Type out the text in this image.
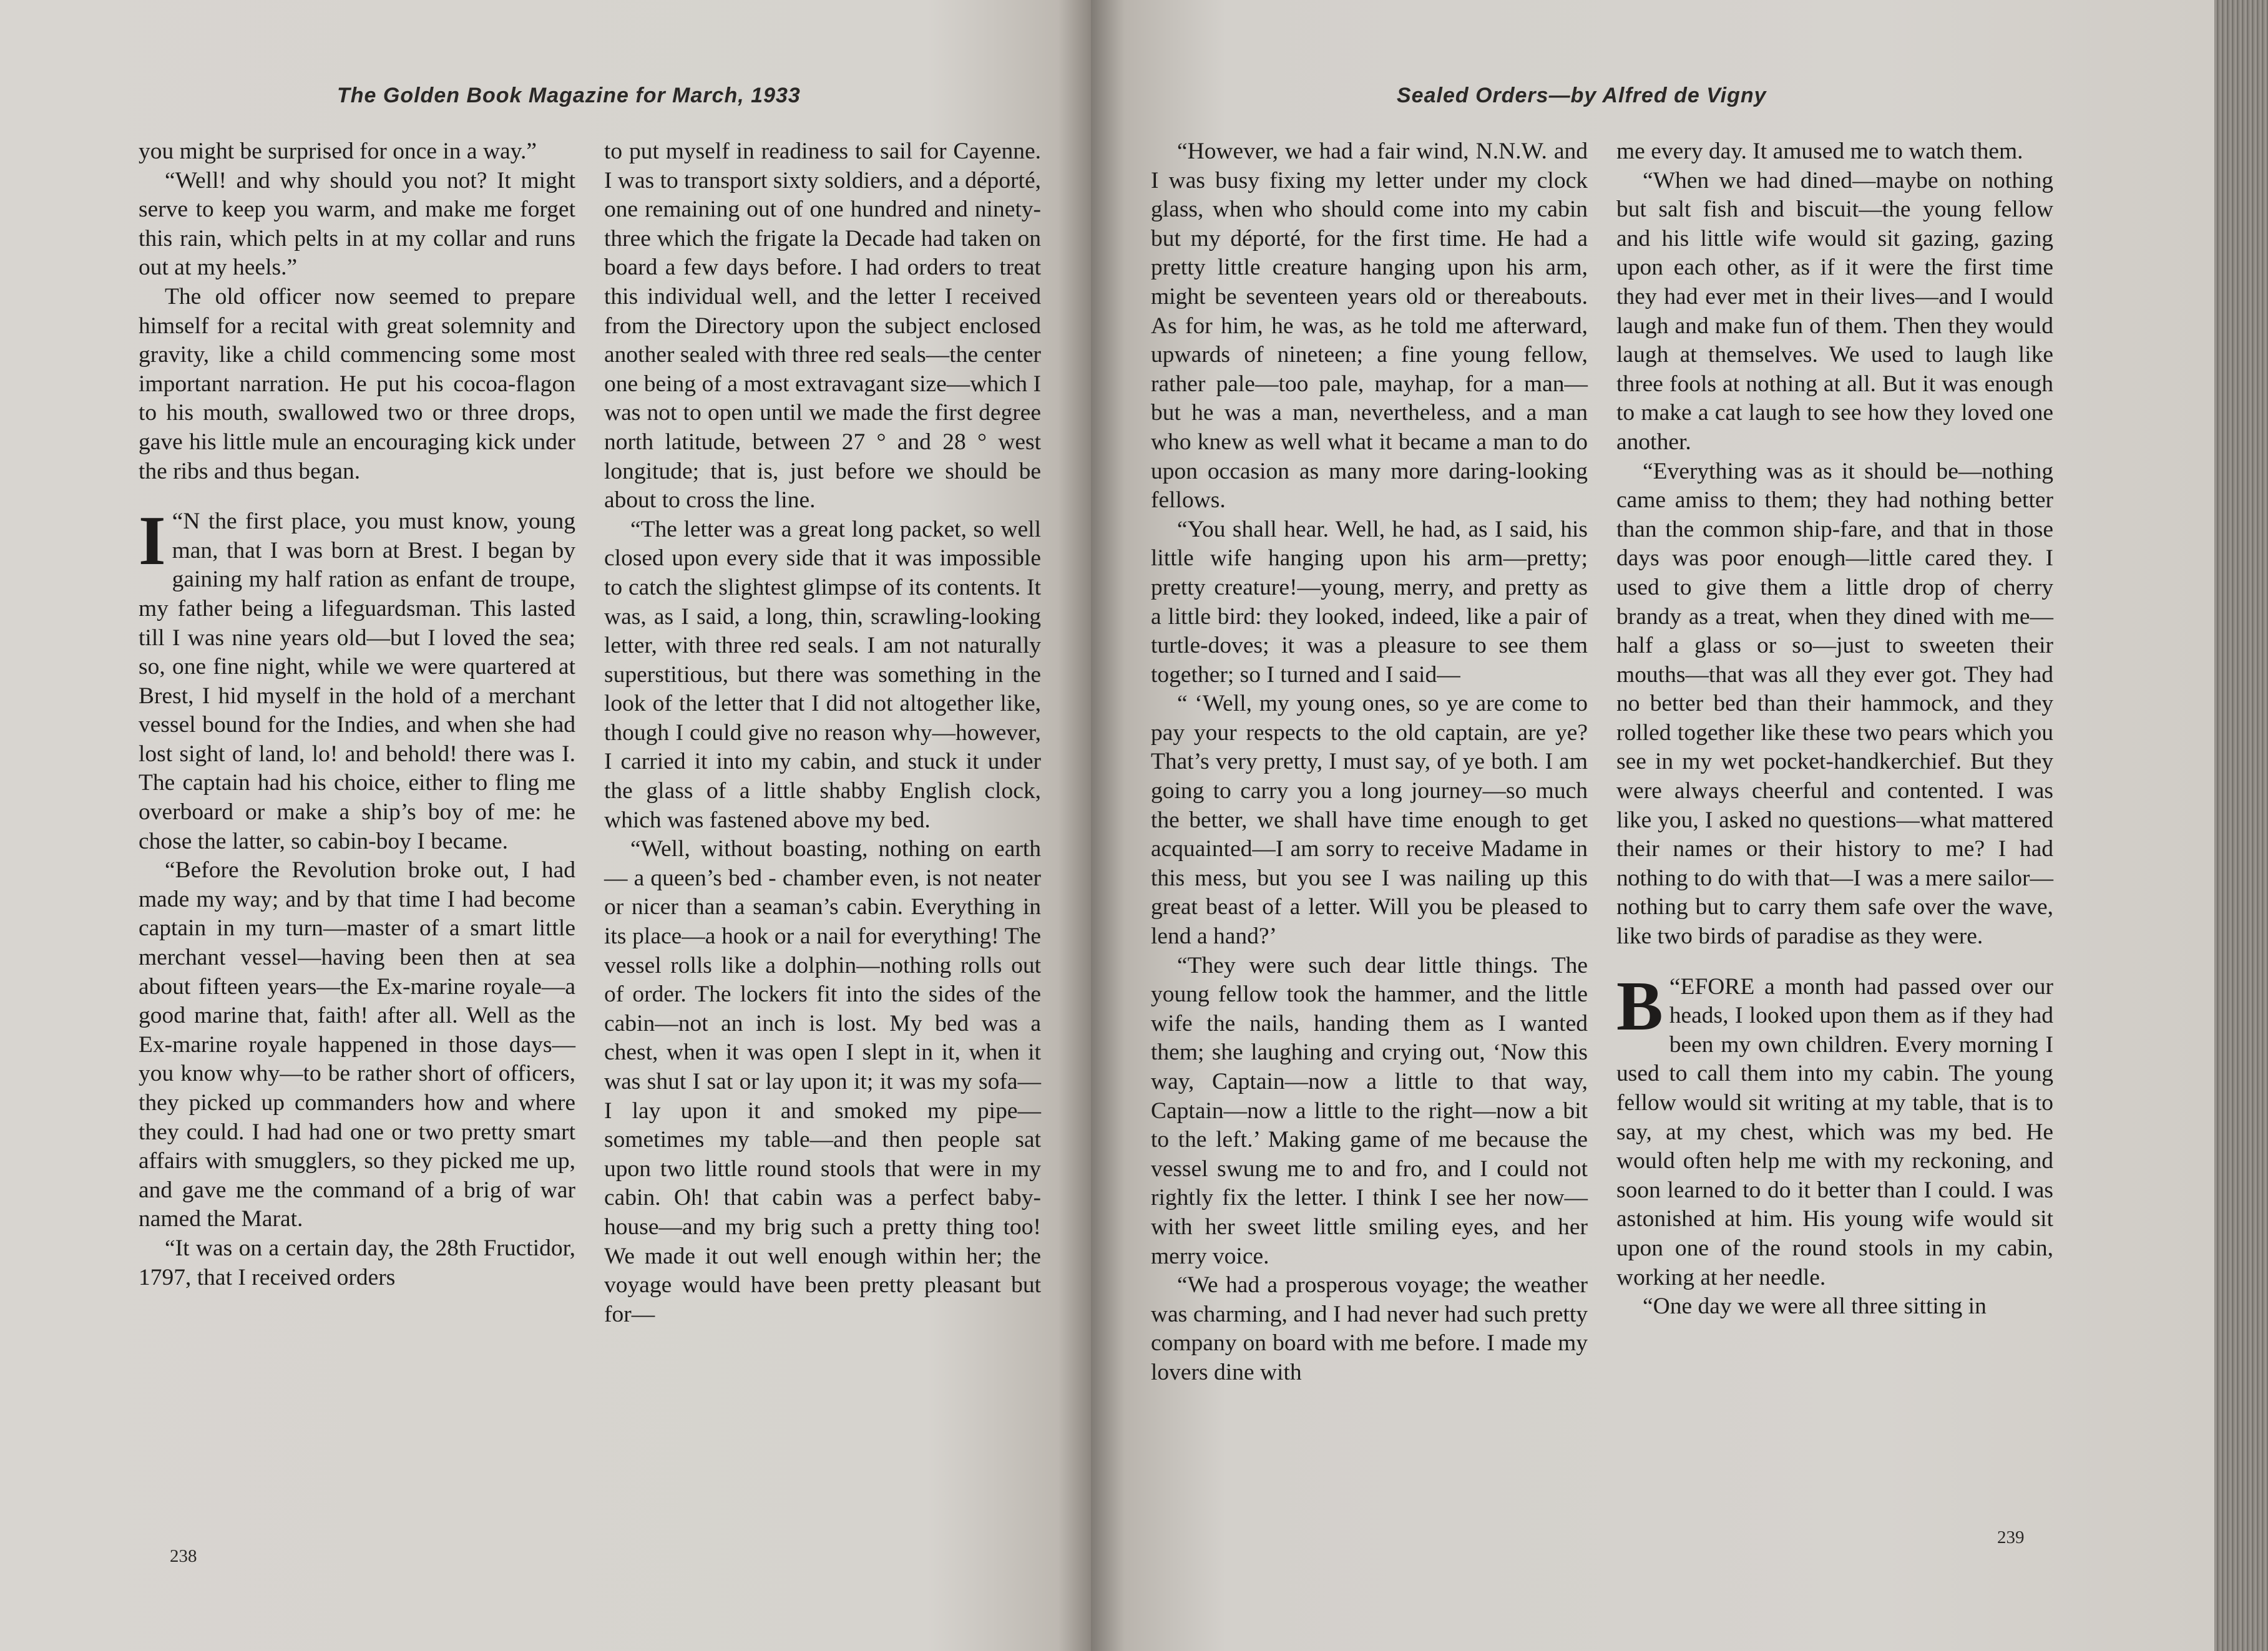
The Golden Book Magazine for March, 1933

you might be surprised for once in a way.”

“Well! and why should you not? It might serve to keep you warm, and make me forget this rain, which pelts in at my collar and runs out at my heels.”

The old officer now seemed to prepare himself for a recital with great solemnity and gravity, like a child commencing some most important narration. He put his cocoa-flagon to his mouth, swallowed two or three drops, gave his little mule an encouraging kick under the ribs and thus began.

“
I N the first place, you must know, young man, that I was born at Brest. I began by gaining my half ration as enfant de troupe, my father being a lifeguardsman. This lasted till I was nine years old—but I loved the sea; so, one fine night, while we were quartered at Brest, I hid myself in the hold of a merchant vessel bound for the Indies, and when she had lost sight of land, lo! and behold! there was I. The captain had his choice, either to fling me overboard or make a ship’s boy of me: he chose the latter, so cabin-boy I became.

“Before the Revolution broke out, I had made my way; and by that time I had become captain in my turn—master of a smart little merchant vessel—having been then at sea about fifteen years—the Ex-marine royale—a good marine that, faith! after all. Well as the Ex-marine royale happened in those days—you know why—to be rather short of officers, they picked up commanders how and where they could. I had had one or two pretty smart affairs with smugglers, so they picked me up, and gave me the command of a brig of war named the Marat.

“It was on a certain day, the 28th Fructidor, 1797, that I received orders

to put myself in readiness to sail for Cayenne. I was to transport sixty soldiers, and a déporté, one remaining out of one hundred and ninety-three which the frigate la Decade had taken on board a few days before. I had orders to treat this individual well, and the letter I received from the Directory upon the subject enclosed another sealed with three red seals—the center one being of a most extravagant size—which I was not to open until we made the first degree north latitude, between 27 ° and 28 ° west longitude; that is, just before we should be about to cross the line.

“The letter was a great long packet, so well closed upon every side that it was impossible to catch the slightest glimpse of its contents. It was, as I said, a long, thin, scrawling-looking letter, with three red seals. I am not naturally superstitious, but there was something in the look of the letter that I did not altogether like, though I could give no reason why—however, I carried it into my cabin, and stuck it under the glass of a little shabby English clock, which was fastened above my bed.

“Well, without boasting, nothing on earth — a queen’s bed - chamber even, is not neater or nicer than a seaman’s cabin. Everything in its place—a hook or a nail for everything! The vessel rolls like a dolphin—nothing rolls out of order. The lockers fit into the sides of the cabin—not an inch is lost. My bed was a chest, when it was open I slept in it, when it was shut I sat or lay upon it; it was my sofa—I lay upon it and smoked my pipe—sometimes my table—and then people sat upon two little round stools that were in my cabin. Oh! that cabin was a perfect baby-house—and my brig such a pretty thing too! We made it out well enough within her; the voyage would have been pretty pleasant but for—

238
Sealed Orders—by Alfred de Vigny

“However, we had a fair wind, N.N.W. and I was busy fixing my letter under my clock glass, when who should come into my cabin but my déporté, for the first time. He had a pretty little creature hanging upon his arm, might be seventeen years old or thereabouts. As for him, he was, as he told me afterward, upwards of nineteen; a fine young fellow, rather pale—too pale, mayhap, for a man—but he was a man, nevertheless, and a man who knew as well what it became a man to do upon occasion as many more daring-looking fellows.

“You shall hear. Well, he had, as I said, his little wife hanging upon his arm—pretty; pretty creature!—young, merry, and pretty as a little bird: they looked, indeed, like a pair of turtle-doves; it was a pleasure to see them together; so I turned and I said—

“ ‘Well, my young ones, so ye are come to pay your respects to the old captain, are ye? That’s very pretty, I must say, of ye both. I am going to carry you a long journey—so much the better, we shall have time enough to get acquainted—I am sorry to receive Madame in this mess, but you see I was nailing up this great beast of a letter. Will you be pleased to lend a hand?’

“They were such dear little things. The young fellow took the hammer, and the little wife the nails, handing them as I wanted them; she laughing and crying out, ‘Now this way, Captain—now a little to that way, Captain—now a little to the right—now a bit to the left.’ Making game of me because the vessel swung me to and fro, and I could not rightly fix the letter. I think I see her now—with her sweet little smiling eyes, and her merry voice.

“We had a prosperous voyage; the weather was charming, and I had never had such pretty company on board with me before. I made my lovers dine with

me every day. It amused me to watch them.

“When we had dined—maybe on nothing but salt fish and biscuit—the young fellow and his little wife would sit gazing, gazing upon each other, as if it were the first time they had ever met in their lives—and I would laugh and make fun of them. Then they would laugh at themselves. We used to laugh like three fools at nothing at all. But it was enough to make a cat laugh to see how they loved one another.

“Everything was as it should be—nothing came amiss to them; they had nothing better than the common ship-fare, and that in those days was poor enough—little cared they. I used to give them a little drop of cherry brandy as a treat, when they dined with me—half a glass or so—just to sweeten their mouths—that was all they ever got. They had no better bed than their hammock, and they rolled together like these two pears which you see in my wet pocket-handkerchief. But they were always cheerful and contented. I was like you, I asked no questions—what mattered their names or their history to me? I had nothing to do with that—I was a mere sailor—nothing but to carry them safe over the wave, like two birds of paradise as they were.

“
B EFORE a month had passed over our heads, I looked upon them as if they had been my own children. Every morning I used to call them into my cabin. The young fellow would sit writing at my table, that is to say, at my chest, which was my bed. He would often help me with my reckoning, and soon learned to do it better than I could. I was astonished at him. His young wife would sit upon one of the round stools in my cabin, working at her needle.

“One day we were all three sitting in

239
